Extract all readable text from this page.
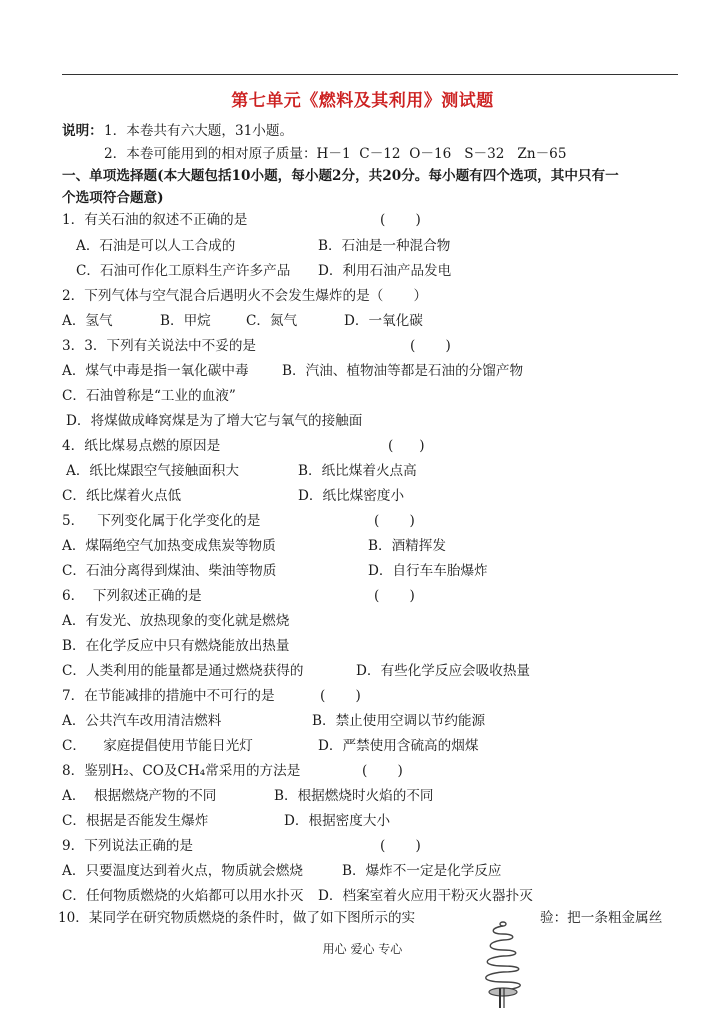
第七单元《燃料及其利用》测试题
说明： 1．本卷共有六大题，31小题。
2．本卷可能用到的相对原子质量：H－1  C－12  O－16   S－32   Zn－65
一、单项选择题(本大题包括10小题，每小题2分，共20分。每小题有四个选项，其中只有一
个选项符合题意)
1．有关石油的叙述不正确的是	(       )
A．石油是可以人工合成的	B．石油是一种混合物
C．石油可作化工原料生产许多产品 D．利用石油产品发电
2．下列气体与空气混合后遇明火不会发生爆炸的是（       ）
A．氢气	B．甲烷	C．氮气	D．一氧化碳
3．3．下列有关说法中不妥的是	(       )
A．煤气中毒是指一氧化碳中毒 B．汽油、植物油等都是石油的分馏产物
C．石油曾称是“工业的血液”
D．将煤做成峰窝煤是为了增大它与氧气的接触面
4．纸比煤易点燃的原因是	(      )
A．纸比煤跟空气接触面积大	B．纸比煤着火点高
C．纸比煤着火点低	D．纸比煤密度小
5．   下列变化属于化学变化的是	(       )
A．煤隔绝空气加热变成焦炭等物质	B．酒精挥发
C．石油分离得到煤油、柴油等物质	D．自行车车胎爆炸
6．  下列叙述正确的是	(       )
A．有发光、放热现象的变化就是燃烧
B．在化学反应中只有燃烧能放出热量
C．人类利用的能量都是通过燃烧获得的	D．有些化学反应会吸收热量
7．在节能减排的措施中不可行的是	(       )
A．公共汽车改用清洁燃料	B．禁止使用空调以节约能源
C．    家庭提倡使用节能日光灯	D．严禁使用含硫高的烟煤
8．鉴别H₂、CO及CH₄常采用的方法是	(       )
A．  根据燃烧产物的不同	B．根据燃烧时火焰的不同
C．根据是否能发生爆炸	D．根据密度大小
9．下列说法正确的是	(       )
A．只要温度达到着火点，物质就会燃烧	B．爆炸不一定是化学反应
C．任何物质燃烧的火焰都可以用水扑灭 D．档案室着火应用干粉灭火器扑灭
10．某同学在研究物质燃烧的条件时，做了如下图所示的实	验：把一条粗金属丝
用心 爱心 专心
